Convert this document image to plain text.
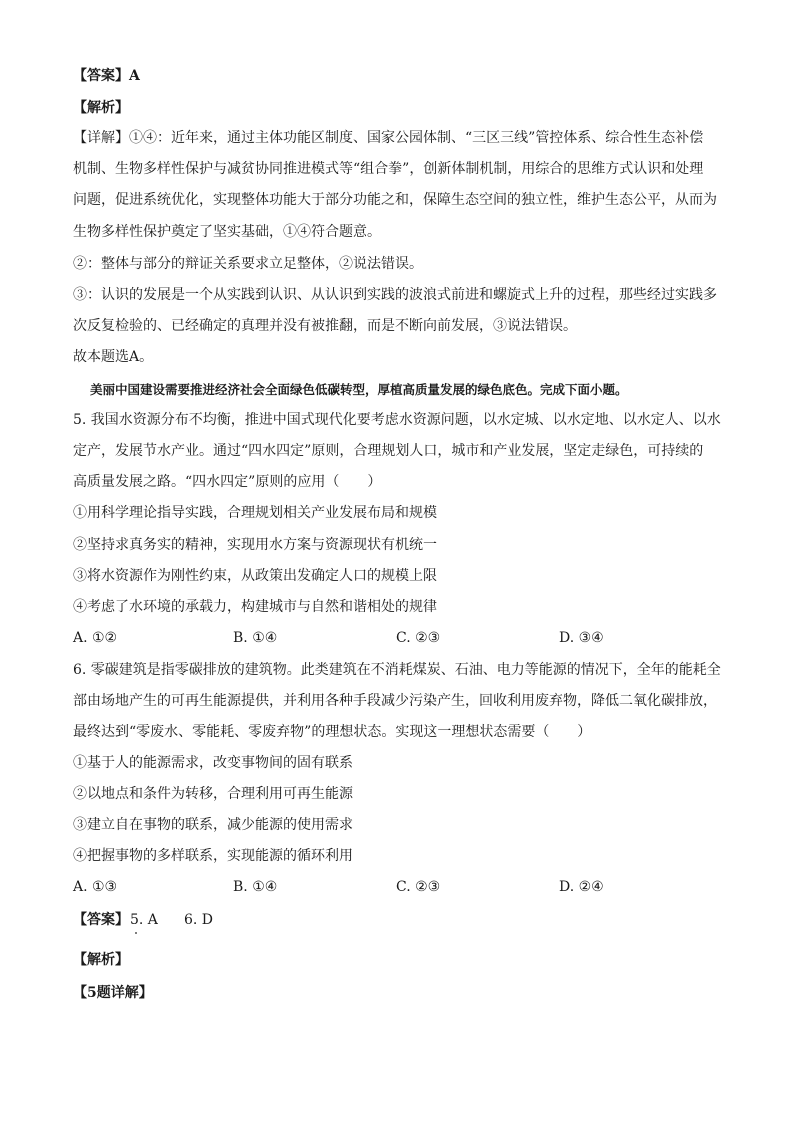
【答案】A
【解析】
【详解】①④：近年来，通过主体功能区制度、国家公园体制、“三区三线”管控体系、综合性生态补偿
机制、生物多样性保护与减贫协同推进模式等“组合拳”，创新体制机制，用综合的思维方式认识和处理
问题，促进系统优化，实现整体功能大于部分功能之和，保障生态空间的独立性，维护生态公平，从而为
生物多样性保护奠定了坚实基础，①④符合题意。
②：整体与部分的辩证关系要求立足整体，②说法错误。
③：认识的发展是一个从实践到认识、从认识到实践的波浪式前进和螺旋式上升的过程，那些经过实践多
次反复检验的、已经确定的真理并没有被推翻，而是不断向前发展，③说法错误。
故本题选A。
美丽中国建设需要推进经济社会全面绿色低碳转型，厚植高质量发展的绿色底色。完成下面小题。
5. 我国水资源分布不均衡，推进中国式现代化要考虑水资源问题，以水定城、以水定地、以水定人、以水
定产，发展节水产业。通过“四水四定”原则，合理规划人口，城市和产业发展，坚定走绿色，可持续的
高质量发展之路。“四水四定”原则的应用（　　）
①用科学理论指导实践，合理规划相关产业发展布局和规模
②坚持求真务实的精神，实现用水方案与资源现状有机统一
③将水资源作为刚性约束，从政策出发确定人口的规模上限
④考虑了水环境的承载力，构建城市与自然和谐相处的规律
A. ①②	B. ①④	C. ②③	D. ③④
6. 零碳建筑是指零碳排放的建筑物。此类建筑在不消耗煤炭、石油、电力等能源的情况下，全年的能耗全
部由场地产生的可再生能源提供，并利用各种手段减少污染产生，回收利用废弃物，降低二氧化碳排放，
最终达到“零废水、零能耗、零废弃物”的理想状态。实现这一理想状态需要（　　）
①基于人的能源需求，改变事物间的固有联系
②以地点和条件为转移，合理利用可再生能源
③建立自在事物的联系，减少能源的使用需求
④把握事物的多样联系，实现能源的循环利用
A. ①③	B. ①④	C. ②③	D. ②④
【答案】 5. A 6. D
【解析】
【5题详解】
